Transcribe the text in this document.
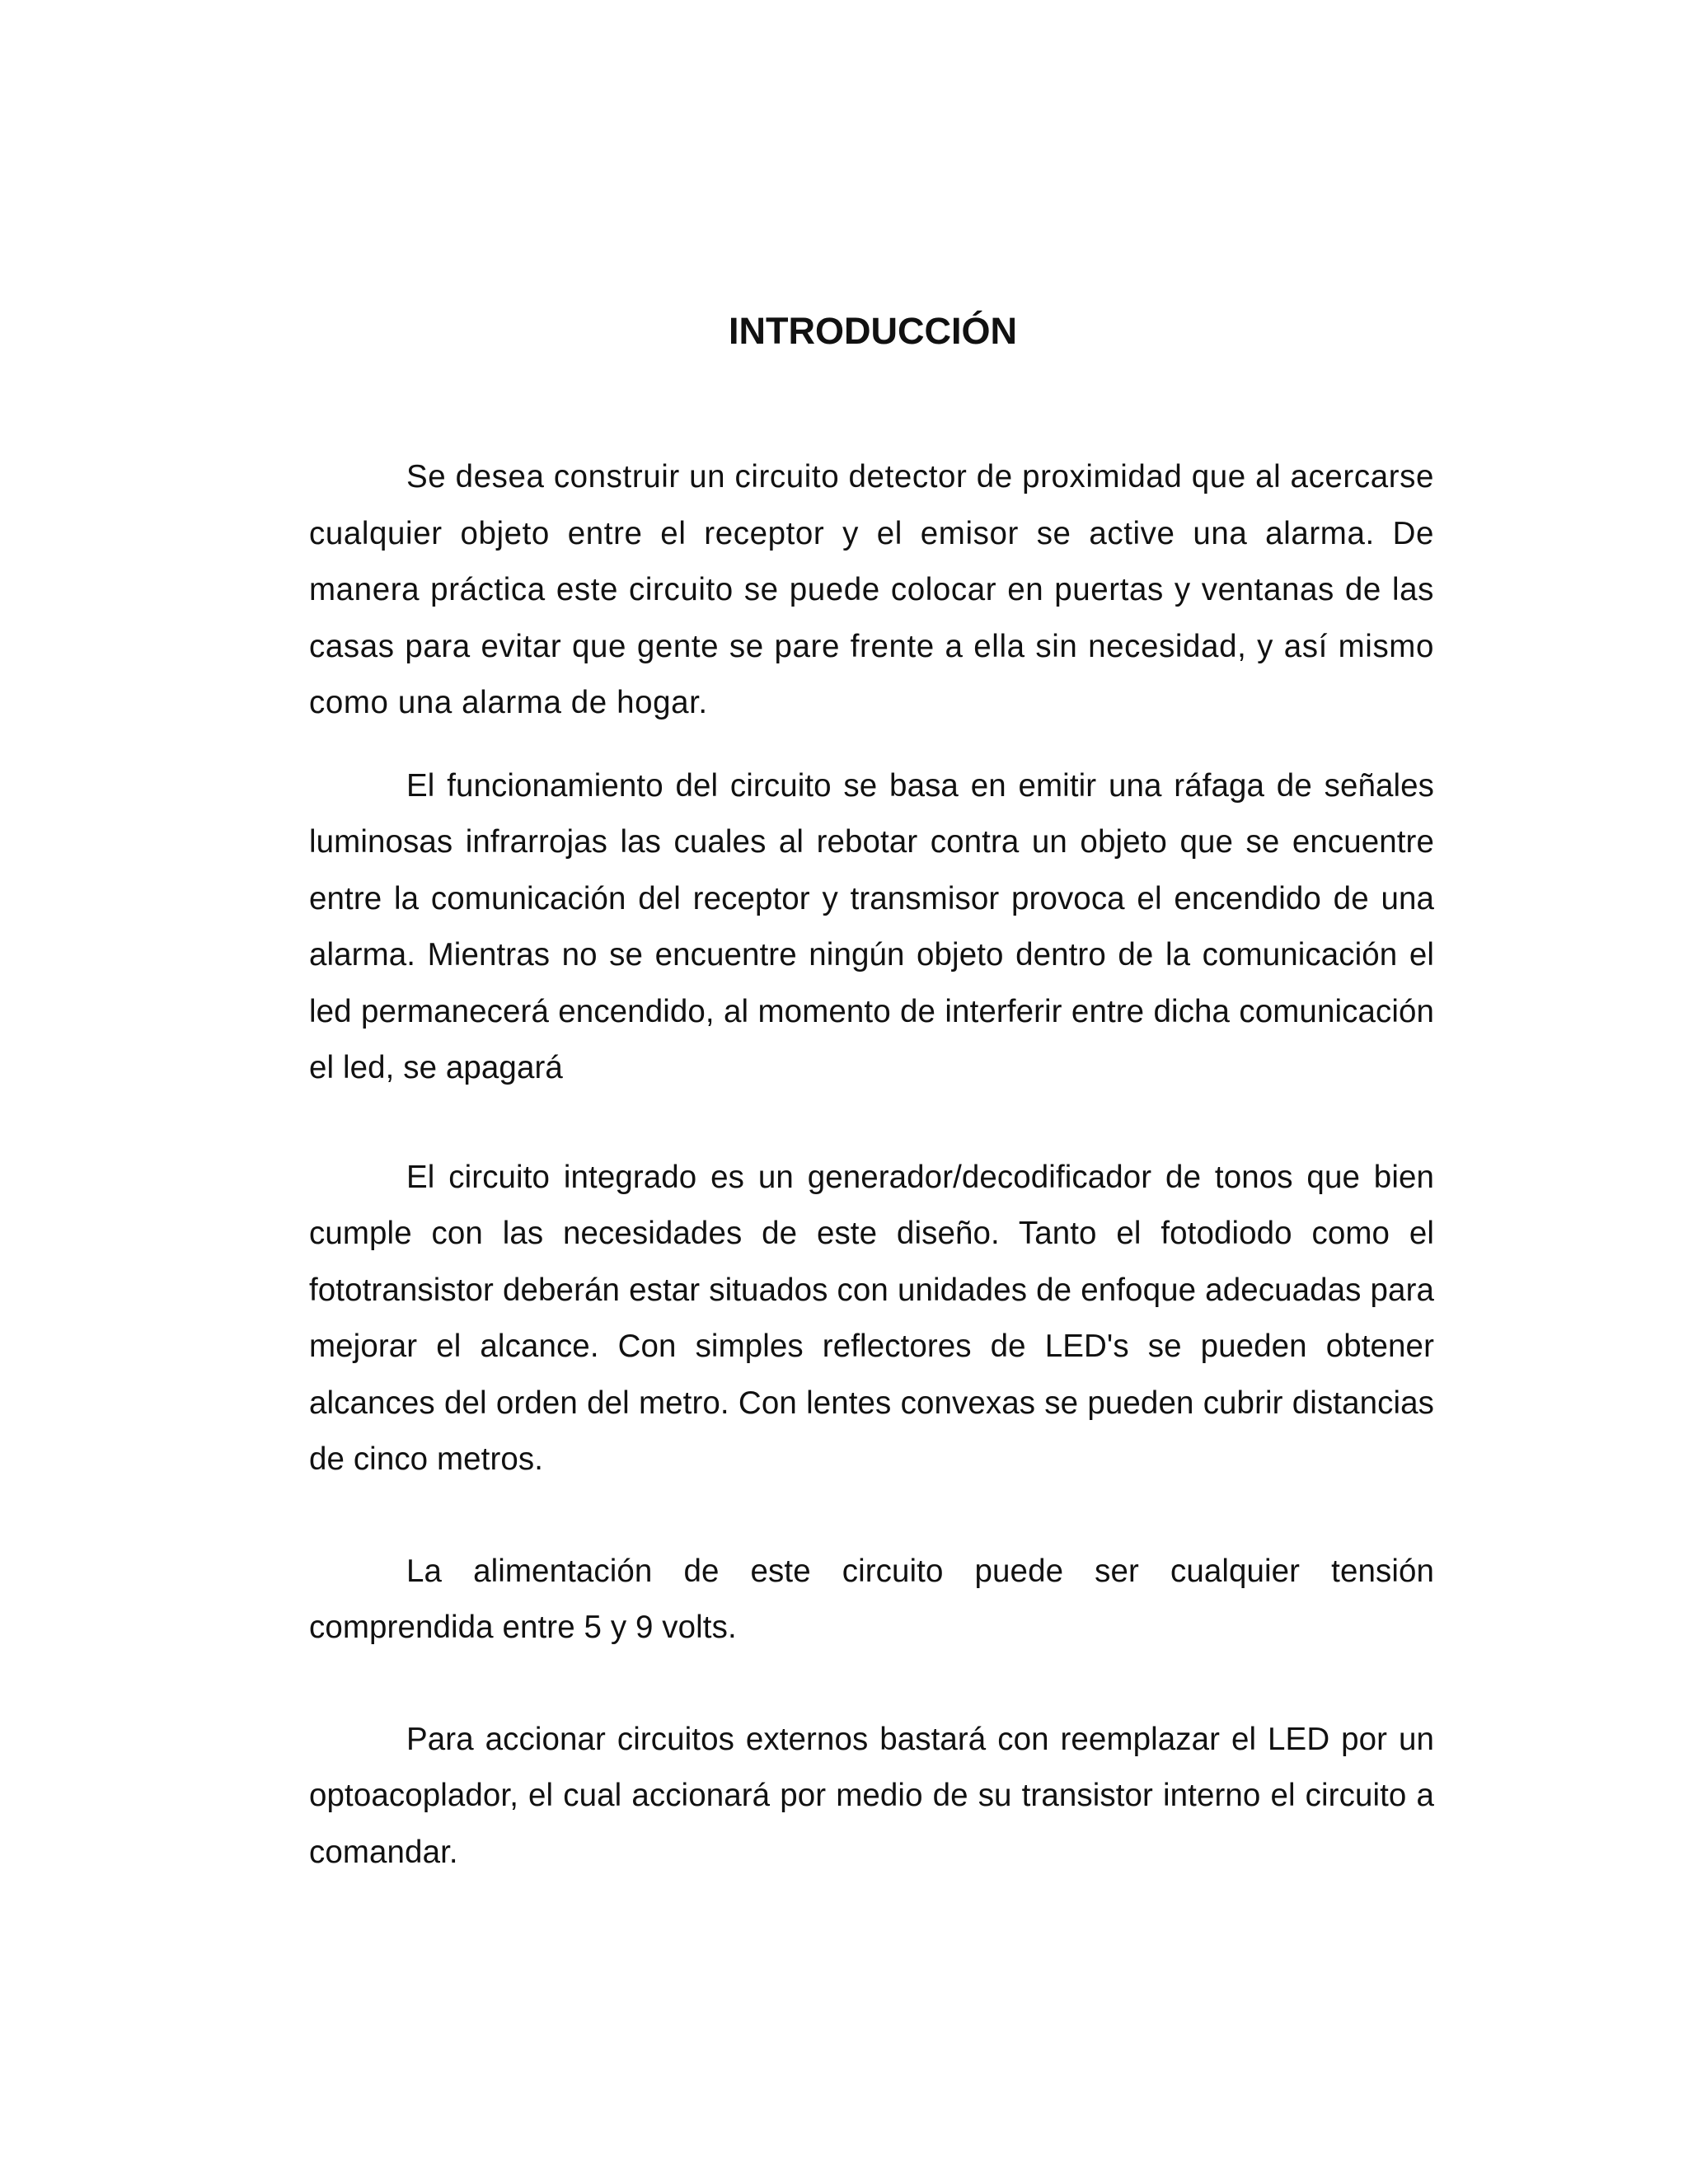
INTRODUCCIÓN

Se desea construir un circuito detector de proximidad que al acercarse cualquier objeto entre el receptor y el emisor se active una alarma. De manera práctica este circuito se puede colocar en puertas y ventanas de las casas para evitar que gente se pare frente a ella sin necesidad, y así mismo como una alarma de hogar.

El funcionamiento del circuito se basa en emitir una ráfaga de señales luminosas infrarrojas las cuales al rebotar contra un objeto que se encuentre entre la comunicación del receptor y transmisor provoca el encendido de una alarma. Mientras no se encuentre ningún objeto dentro de la comunicación el led permanecerá encendido, al momento de interferir entre dicha comunicación el led, se apagará

El circuito integrado es un generador/decodificador de tonos que bien cumple con las necesidades de este diseño. Tanto el fotodiodo como el fototransistor deberán estar situados con unidades de enfoque adecuadas para mejorar el alcance. Con simples reflectores de LED's se pueden obtener alcances del orden del metro. Con lentes convexas se pueden cubrir distancias de cinco metros.

La alimentación de este circuito puede ser cualquier tensión comprendida entre 5 y 9 volts.

Para accionar circuitos externos bastará con reemplazar el LED por un optoacoplador, el cual accionará por medio de su transistor interno el circuito a comandar.
